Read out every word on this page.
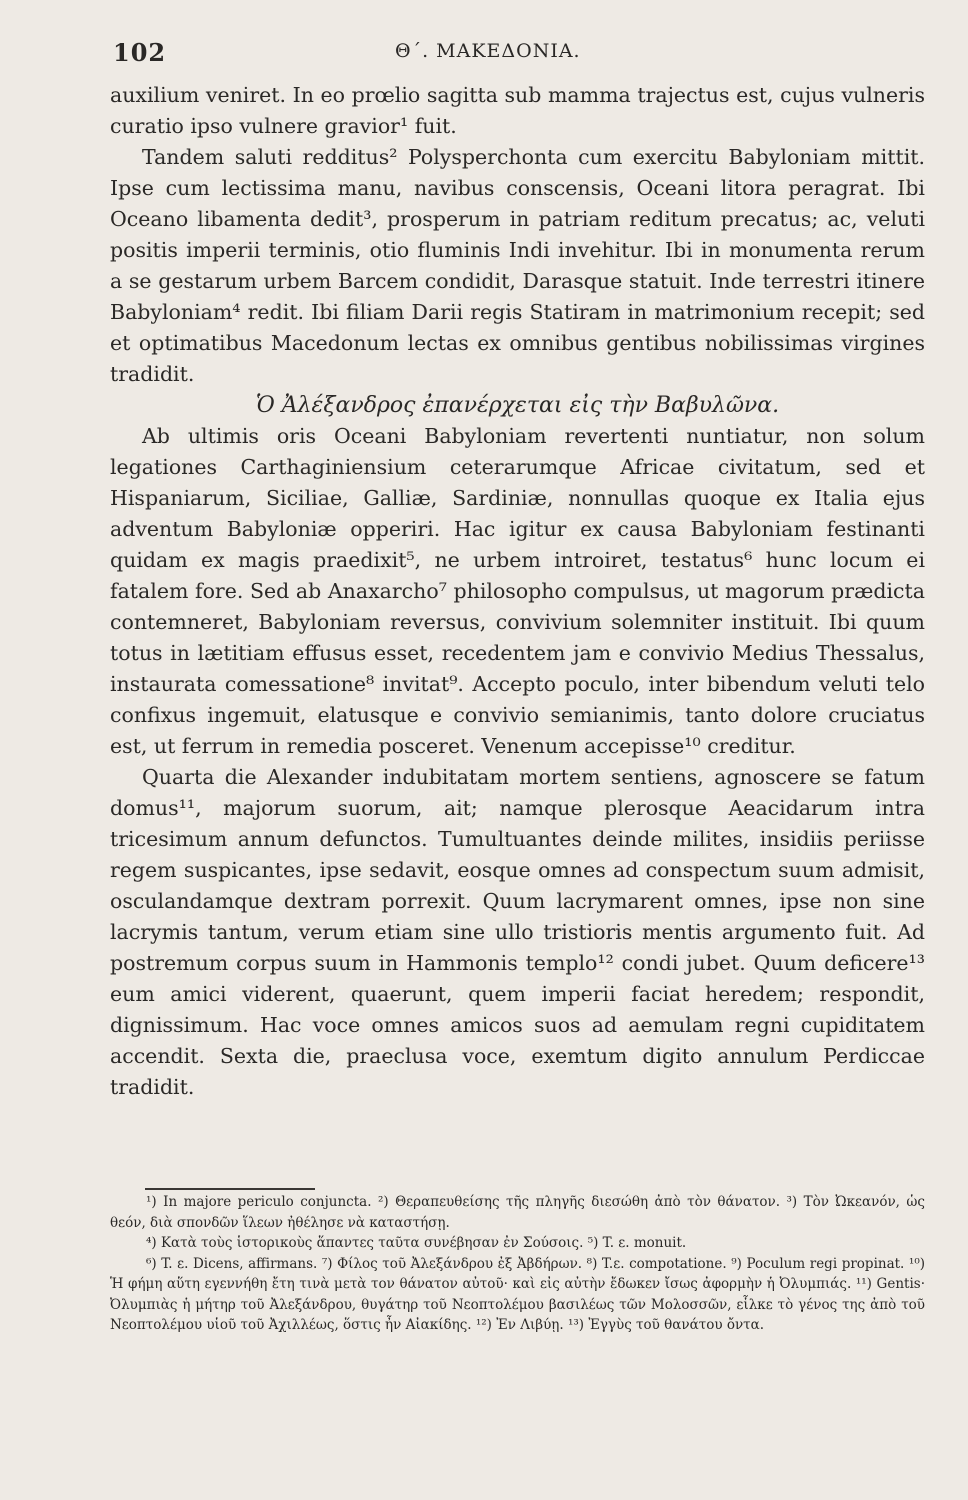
102	Θ΄. ΜΑΚΕΔΟΝΙΑ.

auxilium veniret. In eo prœlio sagitta sub mamma trajectus est, cujus vulneris curatio ipso vulnere gravior¹ fuit.

Tandem saluti redditus² Polysperchonta cum exercitu Babyloniam mittit. Ipse cum lectissima manu, navibus conscensis, Oceani litora peragrat. Ibi Oceano libamenta dedit³, prosperum in patriam reditum precatus; ac, veluti positis imperii terminis, otio fluminis Indi invehitur. Ibi in monumenta rerum a se gestarum urbem Barcem condidit, Darasque statuit. Inde terrestri itinere Babyloniam⁴ redit. Ibi filiam Darii regis Statiram in matrimonium recepit; sed et optimatibus Macedonum lectas ex omnibus gentibus nobilissimas virgines tradidit.

Ὁ Ἀλέξανδρος ἐπανέρχεται εἰς τὴν Βαβυλῶνα.

Ab ultimis oris Oceani Babyloniam revertenti nuntiatur, non solum legationes Carthaginiensium ceterarumque Africae civitatum, sed et Hispaniarum, Siciliae, Galliæ, Sardiniæ, nonnullas quoque ex Italia ejus adventum Babyloniæ opperiri. Hac igitur ex causa Babyloniam festinanti quidam ex magis praedixit⁵, ne urbem introiret, testatus⁶ hunc locum ei fatalem fore. Sed ab Anaxarcho⁷ philosopho compulsus, ut magorum prædicta contemneret, Babyloniam reversus, convivium solemniter instituit. Ibi quum totus in lætitiam effusus esset, recedentem jam e convivio Medius Thessalus, instaurata comessatione⁸ invitat⁹. Accepto poculo, inter bibendum veluti telo confixus ingemuit, elatusque e convivio semianimis, tanto dolore cruciatus est, ut ferrum in remedia posceret. Venenum accepisse¹⁰ creditur.

Quarta die Alexander indubitatam mortem sentiens, agnoscere se fatum domus¹¹, majorum suorum, ait; namque plerosque Aeacidarum intra tricesimum annum defunctos. Tumultuantes deinde milites, insidiis periisse regem suspicantes, ipse sedavit, eosque omnes ad conspectum suum admisit, osculandamque dextram porrexit. Quum lacrymarent omnes, ipse non sine lacrymis tantum, verum etiam sine ullo tristioris mentis argumento fuit. Ad postremum corpus suum in Hammonis templo¹² condi jubet. Quum deficere¹³ eum amici viderent, quaerunt, quem imperii faciat heredem; respondit, dignissimum. Hac voce omnes amicos suos ad aemulam regni cupiditatem accendit. Sexta die, praeclusa voce, exemtum digito annulum Perdiccae tradidit.

¹) In majore periculo conjuncta. ²) Θεραπευθείσης τῆς πληγῆς διεσώθη ἀπὸ τὸν θάνατον. ³) Τὸν Ὠκεανόν, ὡς θεόν, διὰ σπονδῶν ἵλεων ἠθέλησε νὰ καταστήσῃ.

⁴) Κατὰ τοὺς ἱστορικοὺς ἅπαντες ταῦτα συνέβησαν ἐν Σούσοις. ⁵) T. ε. monuit.

⁶) T. ε. Dicens, affirmans. ⁷) Φίλος τοῦ Ἀλεξάνδρου ἐξ Ἀβδήρων. ⁸) T.ε. compotatione. ⁹) Poculum regi propinat. ¹⁰) Ἡ φήμη αὕτη εγεννήθη ἔτη τινὰ μετὰ τον θάνατον αὐτοῦ· καὶ εἰς αὐτὴν ἔδωκεν ἴσως ἀφορμὴν ἡ Ὀλυμπιάς. ¹¹) Gentis· Ὀλυμπιὰς ἡ μήτηρ τοῦ Ἀλεξάνδρου, θυγάτηρ τοῦ Νεοπτολέμου βασιλέως τῶν Μολοσσῶν, εἷλκε τὸ γένος της ἀπὸ τοῦ Νεοπτολέμου υἱοῦ τοῦ Ἀχιλλέως, ὅστις ἦν Αἰακίδης. ¹²) Ἐν Λιβύῃ. ¹³) Ἐγγὺς τοῦ θανάτου ὄντα.
